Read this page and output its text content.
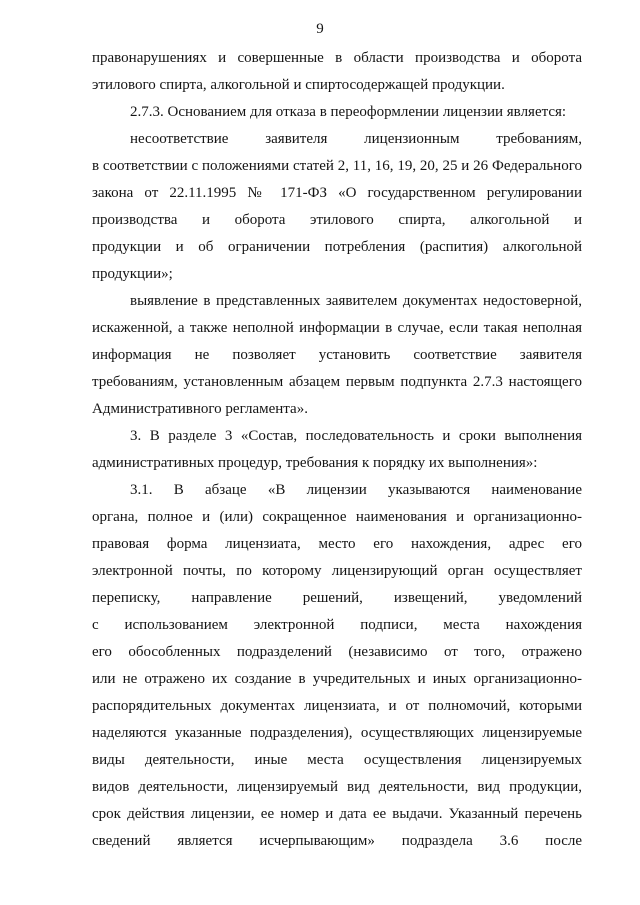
9
правонарушениях и совершенные в области производства и оборота
этилового спирта, алкогольной и спиртосодержащей продукции.
2.7.3. Основанием для отказа в переоформлении лицензии является:
несоответствие заявителя лицензионным требованиям,
в соответствии с положениями статей 2, 11, 16, 19, 20, 25 и 26 Федерального
закона от 22.11.1995 № 171-ФЗ «О государственном регулировании
производства и оборота этилового спирта, алкогольной и
продукции и об ограничении потребления (распития) алкогольной
продукции»;
выявление в представленных заявителем документах недостоверной,
искаженной, а также неполной информации в случае, если такая неполная
информация не позволяет установить соответствие заявителя
требованиям, установленным абзацем первым подпункта 2.7.3 настоящего
Административного регламента».
3. В разделе 3 «Состав, последовательность и сроки выполнения
административных процедур, требования к порядку их выполнения»:
3.1. В абзаце «В лицензии указываются наименование
органа, полное и (или) сокращенное наименования и организационно-
правовая форма лицензиата, место его нахождения, адрес его
электронной почты, по которому лицензирующий орган осуществляет
переписку, направление решений, извещений, уведомлений
с использованием электронной подписи, места нахождения
его обособленных подразделений (независимо от того, отражено
или не отражено их создание в учредительных и иных организационно-
распорядительных документах лицензиата, и от полномочий, которыми
наделяются указанные подразделения), осуществляющих лицензируемые
виды деятельности, иные места осуществления лицензируемых
видов деятельности, лицензируемый вид деятельности, вид продукции,
срок действия лицензии, ее номер и дата ее выдачи. Указанный перечень
сведений является исчерпывающим» подраздела 3.6 после
